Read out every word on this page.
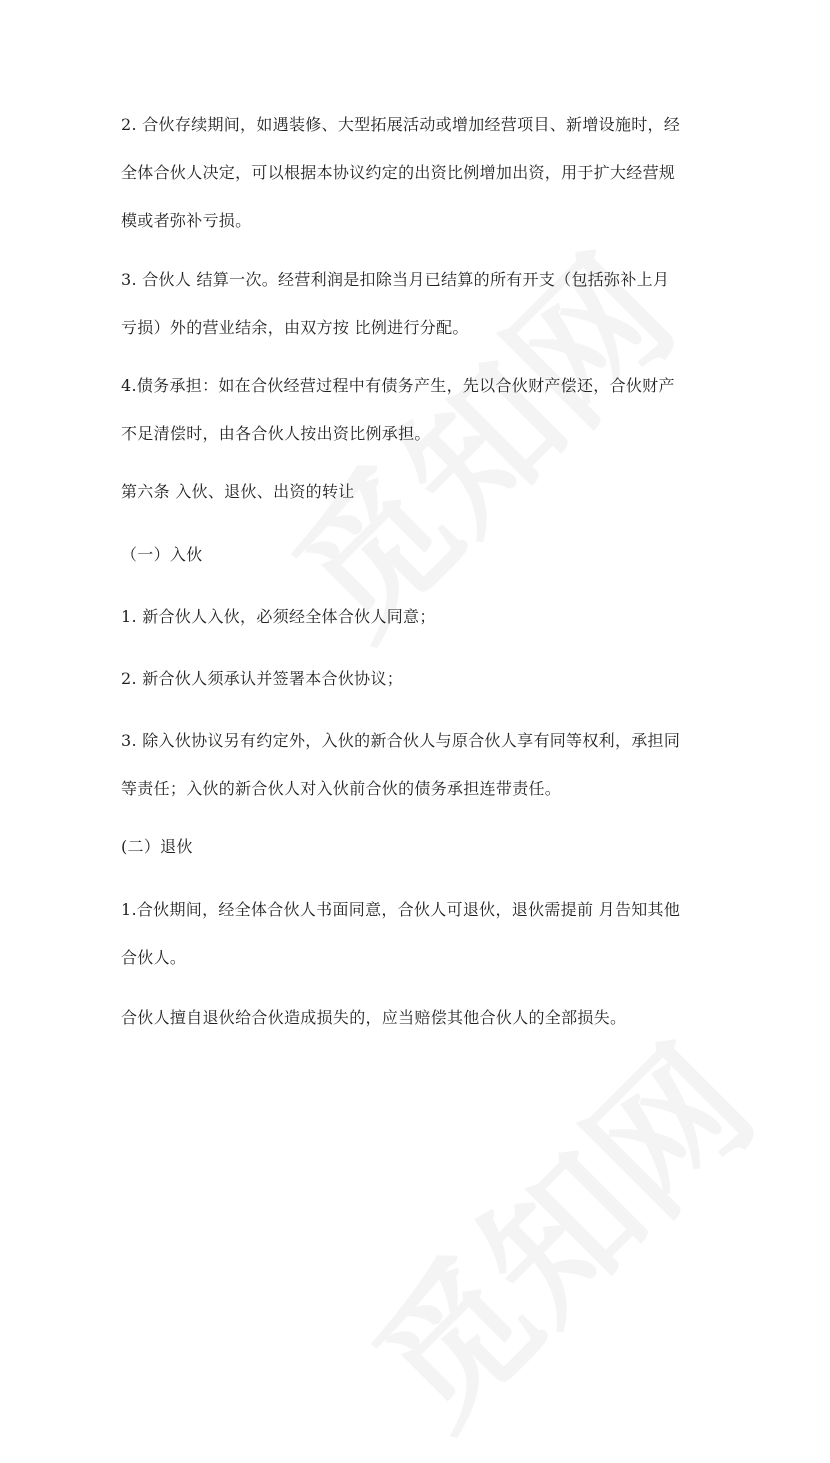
2. 合伙存续期间，如遇装修、大型拓展活动或增加经营项目、新增设施时，经
全体合伙人决定，可以根据本协议约定的出资比例增加出资，用于扩大经营规
模或者弥补亏损。
3. 合伙人 结算一次。经营利润是扣除当月已结算的所有开支（包括弥补上月
亏损）外的营业结余，由双方按 比例进行分配。
4.债务承担：如在合伙经营过程中有债务产生，先以合伙财产偿还，合伙财产
不足清偿时，由各合伙人按出资比例承担。
第六条 入伙、退伙、出资的转让
（一）入伙
1. 新合伙人入伙，必须经全体合伙人同意；
2. 新合伙人须承认并签署本合伙协议；
3. 除入伙协议另有约定外，入伙的新合伙人与原合伙人享有同等权利，承担同
等责任；入伙的新合伙人对入伙前合伙的债务承担连带责任。
(二）退伙
1.合伙期间，经全体合伙人书面同意，合伙人可退伙，退伙需提前 月告知其他
合伙人。
合伙人擅自退伙给合伙造成损失的，应当赔偿其他合伙人的全部损失。
